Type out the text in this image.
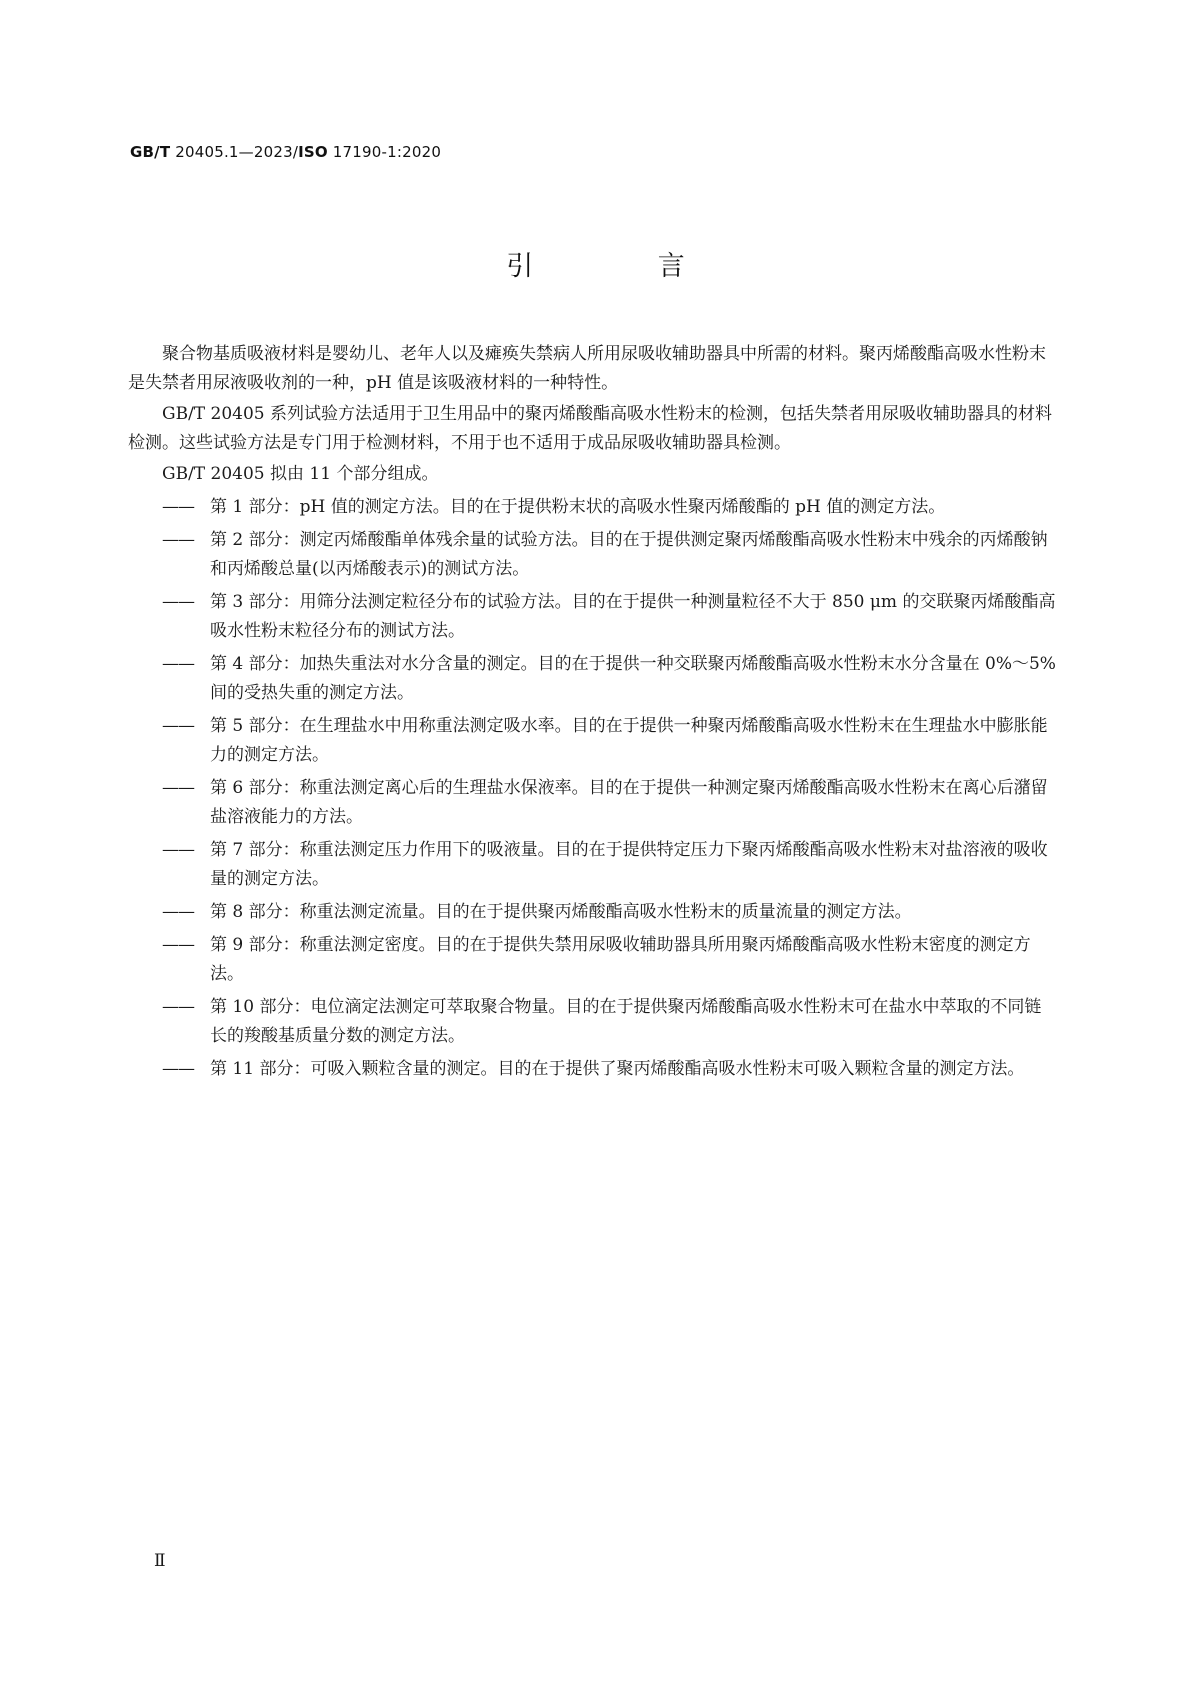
GB/T 20405.1—2023/ISO 17190-1:2020
引 言

聚合物基质吸液材料是婴幼儿、老年人以及瘫痪失禁病人所用尿吸收辅助器具中所需的材料。聚丙烯酸酯高吸水性粉末是失禁者用尿液吸收剂的一种，pH 值是该吸液材料的一种特性。

GB/T 20405 系列试验方法适用于卫生用品中的聚丙烯酸酯高吸水性粉末的检测，包括失禁者用尿吸收辅助器具的材料检测。这些试验方法是专门用于检测材料，不用于也不适用于成品尿吸收辅助器具检测。

GB/T 20405 拟由 11 个部分组成。

—— 第 1 部分：pH 值的测定方法。目的在于提供粉末状的高吸水性聚丙烯酸酯的 pH 值的测定方法。
—— 第 2 部分：测定丙烯酸酯单体残余量的试验方法。目的在于提供测定聚丙烯酸酯高吸水性粉末中残余的丙烯酸钠和丙烯酸总量(以丙烯酸表示)的测试方法。
—— 第 3 部分：用筛分法测定粒径分布的试验方法。目的在于提供一种测量粒径不大于 850 μm 的交联聚丙烯酸酯高吸水性粉末粒径分布的测试方法。
—— 第 4 部分：加热失重法对水分含量的测定。目的在于提供一种交联聚丙烯酸酯高吸水性粉末水分含量在 0%～5%间的受热失重的测定方法。
—— 第 5 部分：在生理盐水中用称重法测定吸水率。目的在于提供一种聚丙烯酸酯高吸水性粉末在生理盐水中膨胀能力的测定方法。
—— 第 6 部分：称重法测定离心后的生理盐水保液率。目的在于提供一种测定聚丙烯酸酯高吸水性粉末在离心后潴留盐溶液能力的方法。
—— 第 7 部分：称重法测定压力作用下的吸液量。目的在于提供特定压力下聚丙烯酸酯高吸水性粉末对盐溶液的吸收量的测定方法。
—— 第 8 部分：称重法测定流量。目的在于提供聚丙烯酸酯高吸水性粉末的质量流量的测定方法。
—— 第 9 部分：称重法测定密度。目的在于提供失禁用尿吸收辅助器具所用聚丙烯酸酯高吸水性粉末密度的测定方法。
—— 第 10 部分：电位滴定法测定可萃取聚合物量。目的在于提供聚丙烯酸酯高吸水性粉末可在盐水中萃取的不同链长的羧酸基质量分数的测定方法。
—— 第 11 部分：可吸入颗粒含量的测定。目的在于提供了聚丙烯酸酯高吸水性粉末可吸入颗粒含量的测定方法。
Ⅱ
